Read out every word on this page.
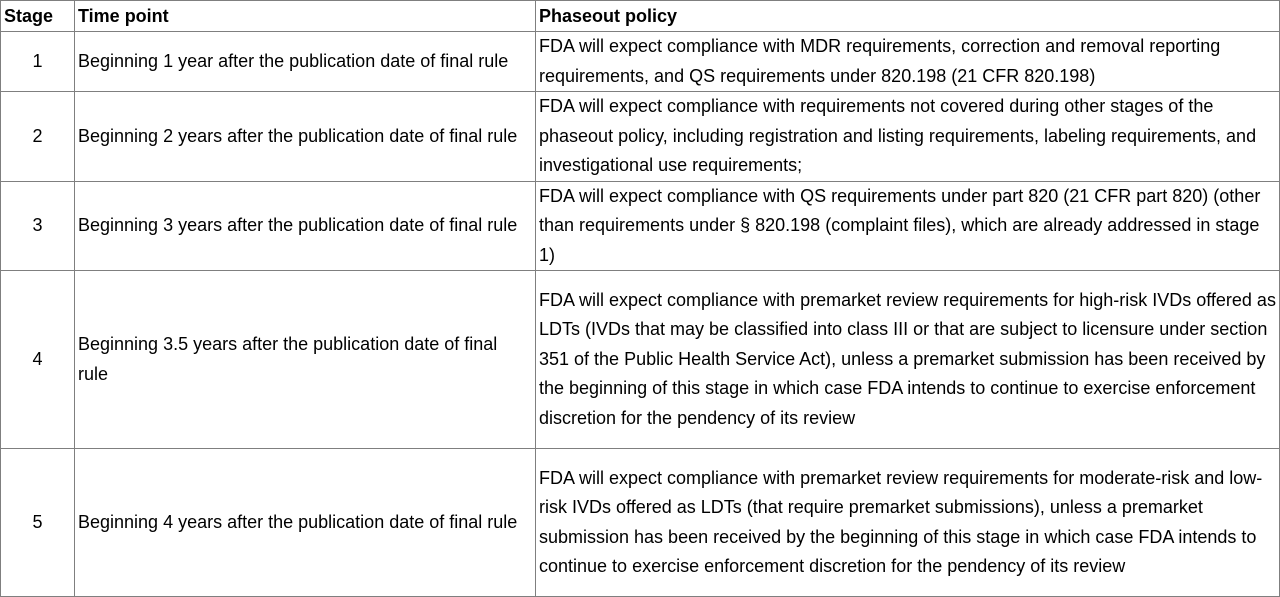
Stage	Time point	Phaseout policy
1	Beginning 1 year after the publication date of final rule	FDA will expect compliance with MDR requirements, correction and removal reporting requirements, and QS requirements under 820.198 (21 CFR 820.198)
2	Beginning 2 years after the publication date of final rule	FDA will expect compliance with requirements not covered during other stages of the phaseout policy, including registration and listing requirements, labeling requirements, and investigational use requirements;
3	Beginning 3 years after the publication date of final rule	FDA will expect compliance with QS requirements under part 820 (21 CFR part 820) (other than requirements under § 820.198 (complaint files), which are already addressed in stage 1)
4	Beginning 3.5 years after the publication date of final rule	FDA will expect compliance with premarket review requirements for high-risk IVDs offered as LDTs (IVDs that may be classified into class III or that are subject to licensure under section 351 of the Public Health Service Act), unless a premarket submission has been received by the beginning of this stage in which case FDA intends to continue to exercise enforcement discretion for the pendency of its review
5	Beginning 4 years after the publication date of final rule	FDA will expect compliance with premarket review requirements for moderate-risk and low-risk IVDs offered as LDTs (that require premarket submissions), unless a premarket submission has been received by the beginning of this stage in which case FDA intends to continue to exercise enforcement discretion for the pendency of its review
